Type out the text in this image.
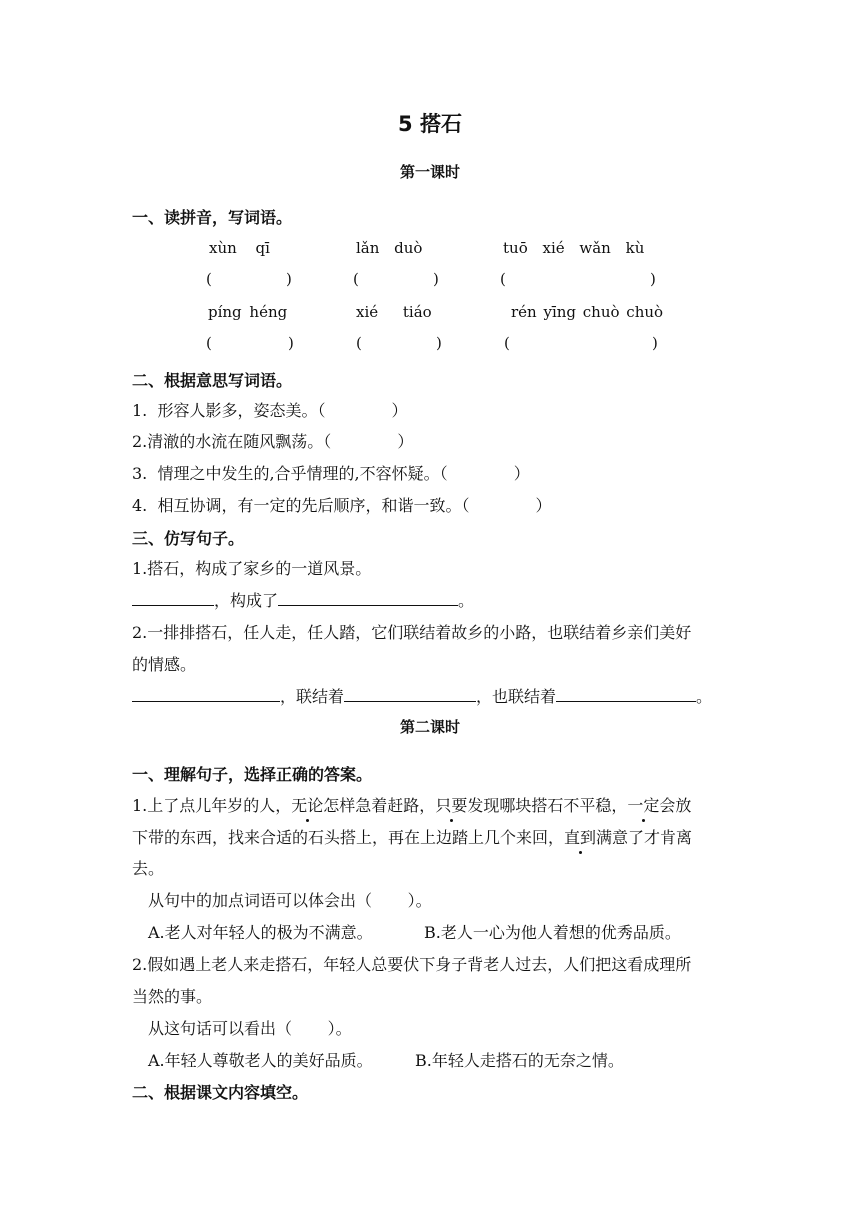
5 搭石
第一课时
一、读拼音，写词语。
xùn qī	lǎn duò	tuō xié wǎn kù
(	)	(	)	(	)
píng héng	xié tiáo	rén yīng chuò chuò
(	)	(	)	(	)
二、根据意思写词语。
1.  形容人影多，姿态美。（             ）
2.清澈的水流在随风飘荡。（             ）
3.  情理之中发生的,合乎情理的,不容怀疑。（             ）
4.  相互协调，有一定的先后顺序，和谐一致。（             ）
三、仿写句子。
1.搭石，构成了家乡的一道风景。
，构成了	。
2.一排排搭石，任人走，任人踏，它们联结着故乡的小路，也联结着乡亲们美好
的情感。
，联结着	，也联结着	。
第二课时
一、理解句子，选择正确的答案。
1.上了点儿年岁的人，无论怎样急着赶路，只要发现哪块搭石不平稳，一定会放
下带的东西，找来合适的石头搭上，再在上边踏上几个来回，直到满意了才肯离
去。
从句中的加点词语可以体会出（       ）。
A.老人对年轻人的极为不满意。	B.老人一心为他人着想的优秀品质。
2.假如遇上老人来走搭石，年轻人总要伏下身子背老人过去，人们把这看成理所
当然的事。
从这句话可以看出（       ）。
A.年轻人尊敬老人的美好品质。	B.年轻人走搭石的无奈之情。
二、根据课文内容填空。
